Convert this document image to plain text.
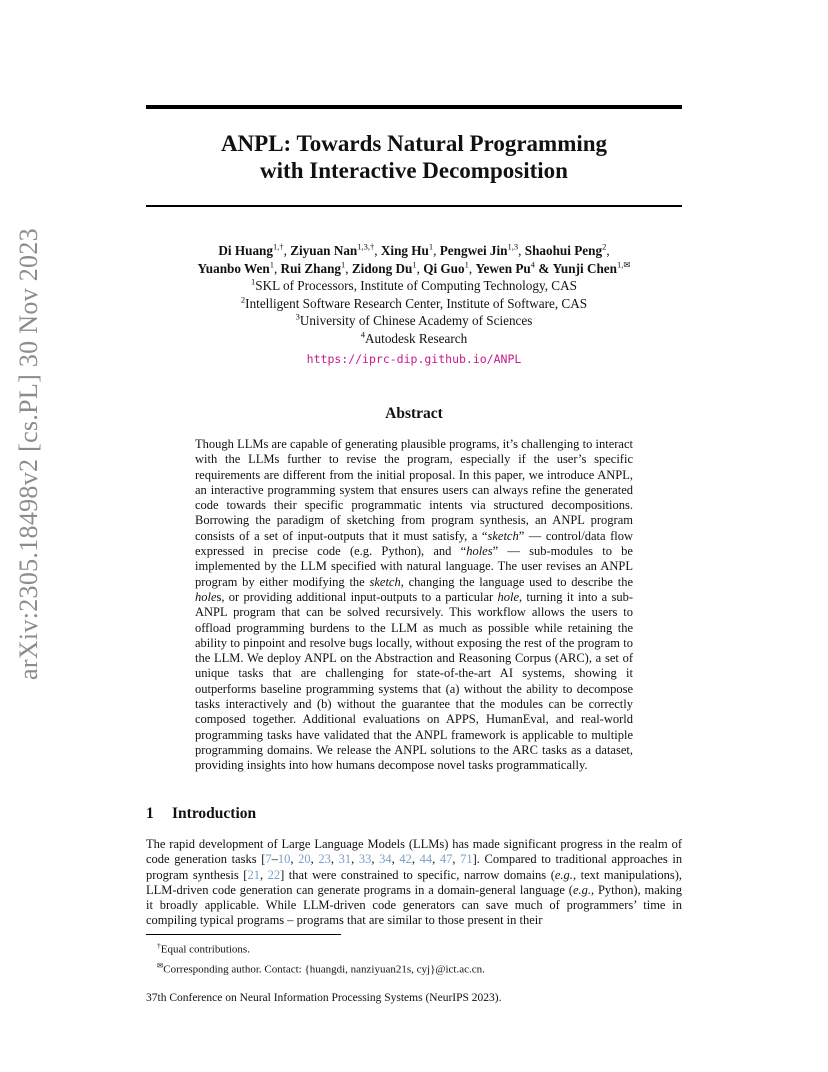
arXiv:2305.18498v2 [cs.PL] 30 Nov 2023
ANPL: Towards Natural Programming
with Interactive Decomposition
Di Huang$^{1,\dagger}$, Ziyuan Nan$^{1,3,\dagger}$, Xing Hu$^1$, Pengwei Jin$^{1,3}$, Shaohui Peng$^2$,
Yuanbo Wen$^1$, Rui Zhang$^1$, Zidong Du$^1$, Qi Guo$^1$, Yewen Pu$^4$ & Yunji Chen$^{1,✉}$
$^1$SKL of Processors, Institute of Computing Technology, CAS
$^2$Intelligent Software Research Center, Institute of Software, CAS
$^3$University of Chinese Academy of Sciences
$^4$Autodesk Research
https://iprc-dip.github.io/ANPL
Abstract
Though LLMs are capable of generating plausible programs, it’s challenging to interact with the LLMs further to revise the program, especially if the user’s specific requirements are different from the initial proposal. In this paper, we introduce ANPL, an interactive programming system that ensures users can always refine the generated code towards their specific programmatic intents via structured decompositions. Borrowing the paradigm of sketching from program synthesis, an ANPL program consists of a set of input-outputs that it must satisfy, a “sketch” — control/data flow expressed in precise code (e.g. Python), and “holes” — sub-modules to be implemented by the LLM specified with natural language. The user revises an ANPL program by either modifying the sketch, changing the language used to describe the holes, or providing additional input-outputs to a particular hole, turning it into a sub-ANPL program that can be solved recursively. This workflow allows the users to offload programming burdens to the LLM as much as possible while retaining the ability to pinpoint and resolve bugs locally, without exposing the rest of the program to the LLM. We deploy ANPL on the Abstraction and Reasoning Corpus (ARC), a set of unique tasks that are challenging for state-of-the-art AI systems, showing it outperforms baseline programming systems that (a) without the ability to decompose tasks interactively and (b) without the guarantee that the modules can be correctly composed together. Additional evaluations on APPS, HumanEval, and real-world programming tasks have validated that the ANPL framework is applicable to multiple programming domains. We release the ANPL solutions to the ARC tasks as a dataset, providing insights into how humans decompose novel tasks programmatically.
1 Introduction
The rapid development of Large Language Models (LLMs) has made significant progress in the realm of code generation tasks [7–10, 20, 23, 31, 33, 34, 42, 44, 47, 71]. Compared to traditional approaches in program synthesis [21, 22] that were constrained to specific, narrow domains (e.g., text manipulations), LLM-driven code generation can generate programs in a domain-general language (e.g., Python), making it broadly applicable. While LLM-driven code generators can save much of programmers’ time in compiling typical programs – programs that are similar to those present in their
†Equal contributions.
✉Corresponding author. Contact: {huangdi, nanziyuan21s, cyj}@ict.ac.cn.
37th Conference on Neural Information Processing Systems (NeurIPS 2023).
